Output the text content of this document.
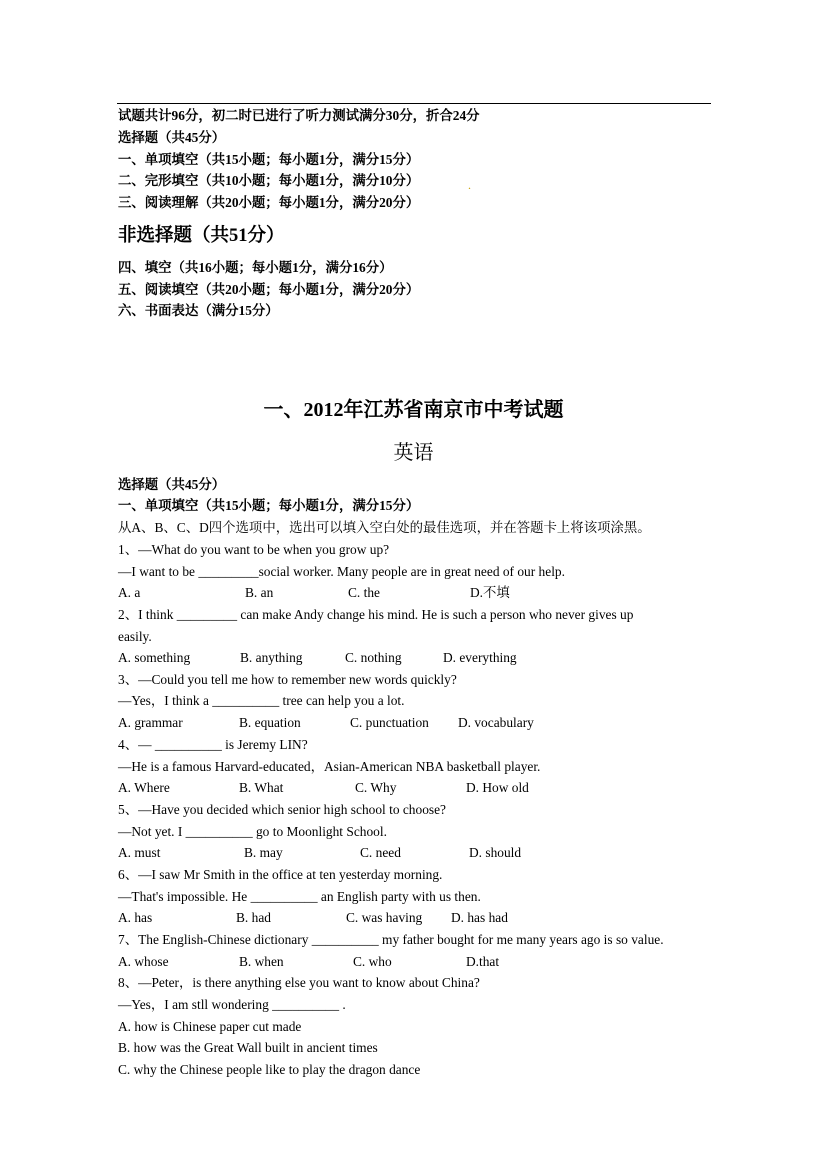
试题共计96分，初二时已进行了听力测试满分30分，折合24分
选择题（共45分）
一、单项填空（共15小题；每小题1分，满分15分）
二、完形填空（共10小题；每小题1分，满分10分）	.
三、阅读理解（共20小题；每小题1分，满分20分）
非选择题（共51分）
四、填空（共16小题；每小题1分，满分16分）
五、阅读填空（共20小题；每小题1分，满分20分）
六、书面表达（满分15分）
一、2012年江苏省南京市中考试题
英语
选择题（共45分）
一、单项填空（共15小题；每小题1分，满分15分）
从A、B、C、D四个选项中，选出可以填入空白处的最佳选项，并在答题卡上将该项涂黑。
1、—What do you want to be when you grow up?
—I want to be _________social worker. Many people are in great need of our help.
A. a	B. an	C. the	D.不填
2、I think _________ can make Andy change his mind. He is such a person who never gives up
easily.
A. something	B. anything	C. nothing	D. everything
3、—Could you tell me how to remember new words quickly?
—Yes，I think a __________ tree can help you a lot.
A. grammar	B. equation	C. punctuation D. vocabulary
4、— __________ is Jeremy LIN?
—He is a famous Harvard-educated，Asian-American NBA basketball player.
A. Where	B. What	C. Why	D. How old
5、—Have you decided which senior high school to choose?
—Not yet. I __________ go to Moonlight School.
A. must	B. may	C. need	D. should
6、—I saw Mr Smith in the office at ten yesterday morning.
—That's impossible. He __________ an English party with us then.
A. has	B. had	C. was having D. has had
7、The English-Chinese dictionary __________ my father bought for me many years ago is so value.
A. whose	B. when	C. who	D.that
8、—Peter，is there anything else you want to know about China?
—Yes，I am stll wondering __________ .
A. how is Chinese paper cut made
B. how was the Great Wall built in ancient times
C. why the Chinese people like to play the dragon dance
